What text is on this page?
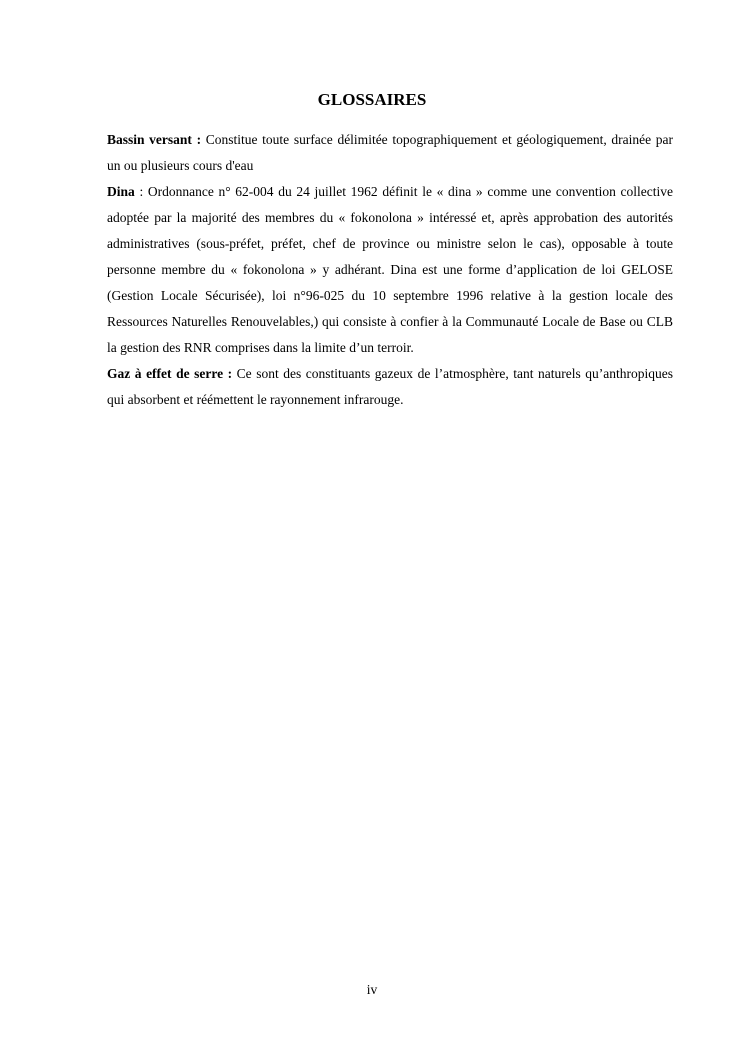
GLOSSAIRES

Bassin versant : Constitue toute surface délimitée topographiquement et géologiquement, drainée par un ou plusieurs cours d'eau

Dina : Ordonnance n° 62-004 du 24 juillet 1962 définit le « dina » comme une convention collective adoptée par la majorité des membres du « fokonolona » intéressé et, après approbation des autorités administratives (sous-préfet, préfet, chef de province ou ministre selon le cas), opposable à toute personne membre du « fokonolona » y adhérant. Dina est une forme d’application de loi GELOSE (Gestion Locale Sécurisée), loi n°96-025 du 10 septembre 1996 relative à la gestion locale des Ressources Naturelles Renouvelables,) qui consiste à confier à la Communauté Locale de Base ou CLB la gestion des RNR comprises dans la limite d’un terroir.

Gaz à effet de serre : Ce sont des constituants gazeux de l’atmosphère, tant naturels qu’anthropiques qui absorbent et réémettent le rayonnement infrarouge.

iv
